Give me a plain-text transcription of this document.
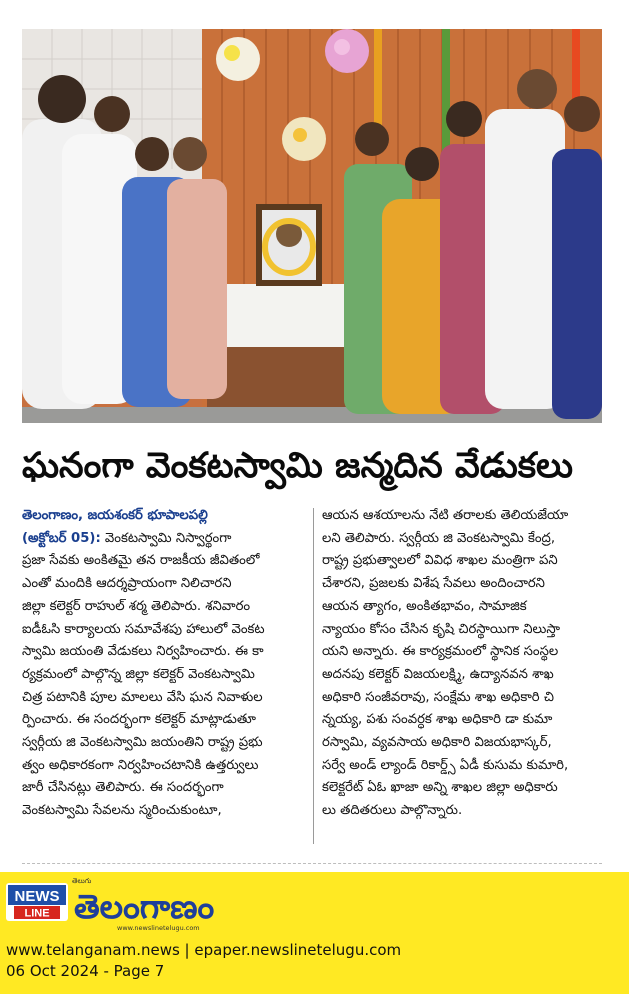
ఘనంగా వెంకటస్వామి జన్మదిన వేడుకలు
తెలంగాణం, జయశంకర్ భూపాలపల్లి
(అక్టోబర్ 05): వెంకటస్వామి నిస్వార్థంగా
ప్రజా సేవకు అంకితమై తన రాజకీయ జీవితంలో
ఎంతో మందికి ఆదర్శప్రాయంగా నిలిచారని
జిల్లా కలెక్టర్ రాహుల్ శర్మ తెలిపారు. శనివారం
ఐడీఓసి కార్యాలయ సమావేశపు హాలులో వెంకట
స్వామి జయంతి వేడుకలు నిర్వహించారు. ఈ కా
ర్యక్రమంలో పాల్గొన్న జిల్లా కలెక్టర్ వెంకటస్వామి
చిత్ర పటానికి పూల మాలలు వేసి ఘన నివాళుల
ర్పించారు. ఈ సందర్భంగా కలెక్టర్ మాట్లాడుతూ
స్వర్గీయ జి వెంకటస్వామి జయంతిని రాష్ట్ర ప్రభు
త్వం అధికారకంగా నిర్వహించటానికి ఉత్తర్వులు
జారీ చేసినట్లు తెలిపారు. ఈ సందర్భంగా
వెంకటస్వామి సేవలను స్మరించుకుంటూ,
ఆయన ఆశయాలను నేటి తరాలకు తెలియజేయా
లని తెలిపారు. స్వర్గీయ జి వెంకటస్వామి కేంద్ర,
రాష్ట్ర ప్రభుత్వాలలో వివిధ శాఖల మంత్రిగా పని
చేశారని, ప్రజలకు విశేష సేవలు అందించారని
ఆయన త్యాగం, అంకితభావం, సామాజిక
న్యాయం కోసం చేసిన కృషి చిరస్థాయిగా నిలుస్తా
యని అన్నారు. ఈ కార్యక్రమంలో స్థానిక సంస్థల
అదనపు కలెక్టర్ విజయలక్ష్మి, ఉద్యానవన శాఖ
అధికారి సంజీవరావు, సంక్షేమ శాఖ అధికారి చి
న్నయ్య, పశు సంవర్ధక శాఖ అధికారి డా కుమా
రస్వామి, వ్యవసాయ అధికారి విజయభాస్కర్,
సర్వే అండ్ ల్యాండ్ రికార్డ్స్ ఏడీ కుసుమ కుమారి,
కలెక్టరేట్ ఏఓ ఖాజా అన్ని శాఖల జిల్లా అధికారు
లు తదితరులు పాల్గొన్నారు.
NEWS
LINE తెలంగాణం
తెలుగు
www.newslinetelugu.com
www.telanganam.news | epaper.newslinetelugu.com
06 Oct 2024 - Page 7
